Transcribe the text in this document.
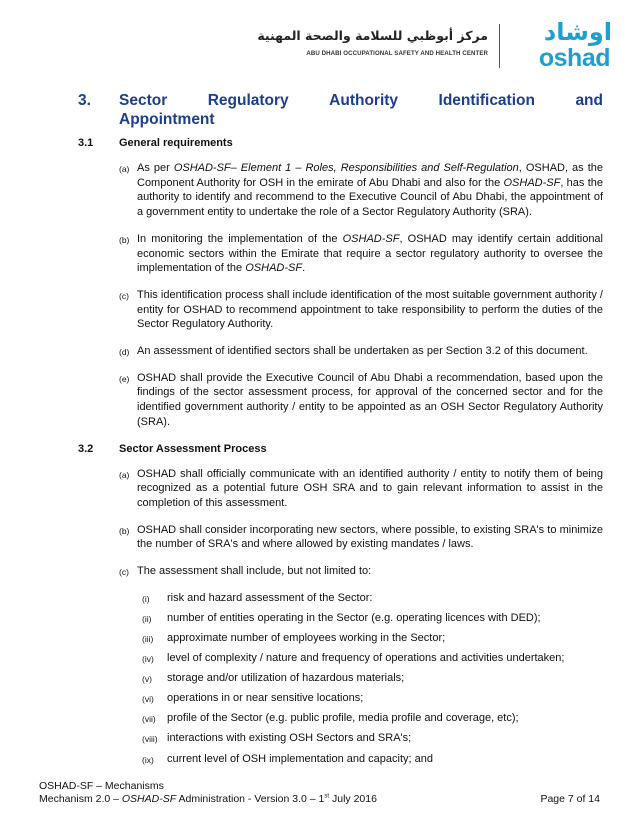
مركز أبوظبي للسلامة والصحة المهنية
ABU DHABI OCCUPATIONAL SAFETY AND HEALTH CENTER
اوشاد
oshad
3. Sector	Regulatory	Authority	Identification	and
Appointment
3.1 General requirements
(a) As per OSHAD-SF– Element 1 – Roles, Responsibilities and Self-Regulation, OSHAD, as the Component Authority for OSH in the emirate of Abu Dhabi and also for the OSHAD-SF, has the authority to identify and recommend to the Executive Council of Abu Dhabi, the appointment of a government entity to undertake the role of a Sector Regulatory Authority (SRA).
(b) In monitoring the implementation of the OSHAD-SF, OSHAD may identify certain additional economic sectors within the Emirate that require a sector regulatory authority to oversee the implementation of the OSHAD-SF.
(c) This identification process shall include identification of the most suitable government authority / entity for OSHAD to recommend appointment to take responsibility to perform the duties of the Sector Regulatory Authority.
(d) An assessment of identified sectors shall be undertaken as per Section 3.2 of this document.
(e) OSHAD shall provide the Executive Council of Abu Dhabi a recommendation, based upon the findings of the sector assessment process, for approval of the concerned sector and for the identified government authority / entity to be appointed as an OSH Sector Regulatory Authority (SRA).
3.2 Sector Assessment Process
(a) OSHAD shall officially communicate with an identified authority / entity to notify them of being recognized as a potential future OSH SRA and to gain relevant information to assist in the completion of this assessment.
(b) OSHAD shall consider incorporating new sectors, where possible, to existing SRA's to minimize the number of SRA's and where allowed by existing mandates / laws.
(c) The assessment shall include, but not limited to:
(i) risk and hazard assessment of the Sector:
(ii) number of entities operating in the Sector (e.g. operating licences with DED);
(iii) approximate number of employees working in the Sector;
(iv) level of complexity / nature and frequency of operations and activities undertaken;
(v) storage and/or utilization of hazardous materials;
(vi) operations in or near sensitive locations;
(vii) profile of the Sector (e.g. public profile, media profile and coverage, etc);
(viii) interactions with existing OSH Sectors and SRA's;
(ix) current level of OSH implementation and capacity; and
OSHAD-SF – Mechanisms
Mechanism 2.0 – OSHAD-SF Administration - Version 3.0 – 1st July 2016	Page 7 of 14
